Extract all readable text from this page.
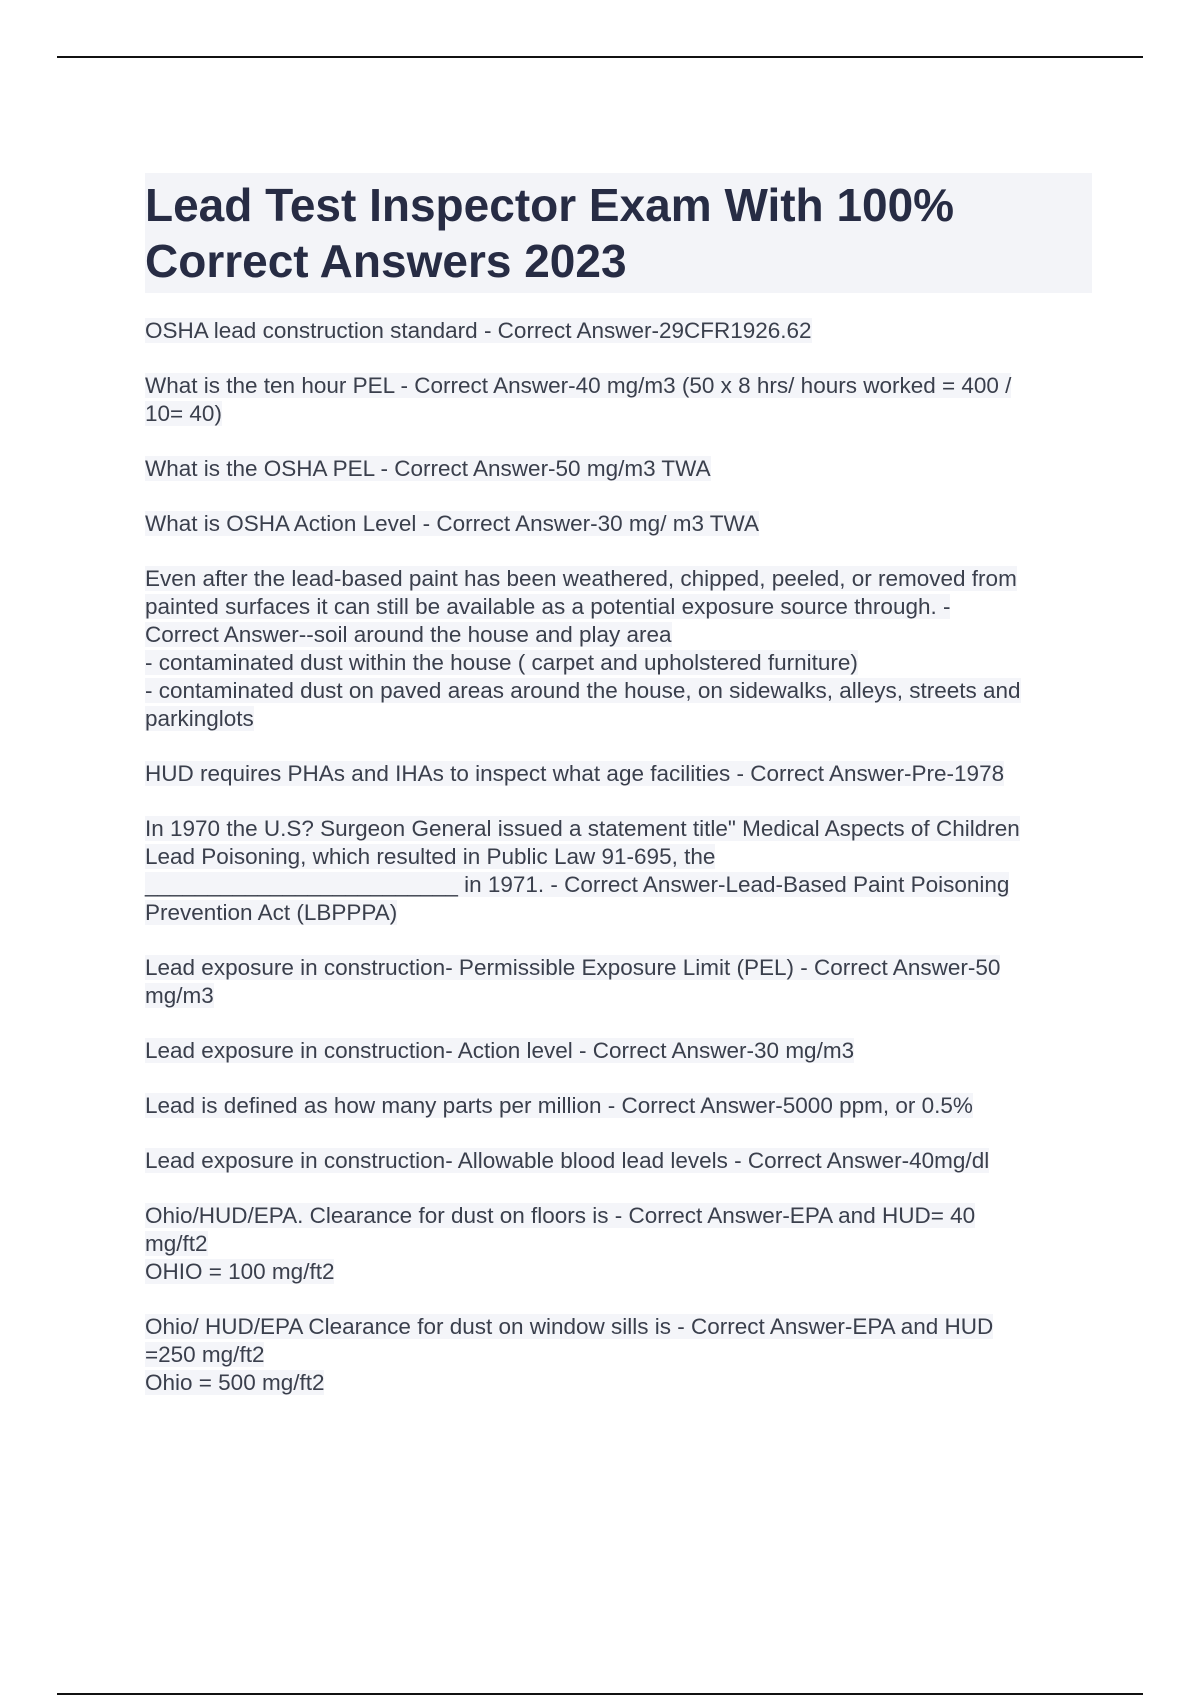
Lead Test Inspector Exam With 100%
Correct Answers 2023

OSHA lead construction standard - Correct Answer-29CFR1926.62

What is the ten hour PEL - Correct Answer-40 mg/m3 (50 x 8 hrs/ hours worked = 400 /
10= 40)

What is the OSHA PEL - Correct Answer-50 mg/m3 TWA

What is OSHA Action Level - Correct Answer-30 mg/ m3 TWA

Even after the lead-based paint has been weathered, chipped, peeled, or removed from
painted surfaces it can still be available as a potential exposure source through. -
Correct Answer--soil around the house and play area
- contaminated dust within the house ( carpet and upholstered furniture)
- contaminated dust on paved areas around the house, on sidewalks, alleys, streets and
parkinglots

HUD requires PHAs and IHAs to inspect what age facilities - Correct Answer-Pre-1978

In 1970 the U.S? Surgeon General issued a statement title" Medical Aspects of Children
Lead Poisoning, which resulted in Public Law 91-695, the
_________________________ in 1971. - Correct Answer-Lead-Based Paint Poisoning
Prevention Act (LBPPPA)

Lead exposure in construction- Permissible Exposure Limit (PEL) - Correct Answer-50
mg/m3

Lead exposure in construction- Action level - Correct Answer-30 mg/m3

Lead is defined as how many parts per million - Correct Answer-5000 ppm, or 0.5%

Lead exposure in construction- Allowable blood lead levels - Correct Answer-40mg/dl

Ohio/HUD/EPA. Clearance for dust on floors is - Correct Answer-EPA and HUD= 40
mg/ft2
OHIO = 100 mg/ft2

Ohio/ HUD/EPA Clearance for dust on window sills is - Correct Answer-EPA and HUD
=250 mg/ft2
Ohio = 500 mg/ft2
